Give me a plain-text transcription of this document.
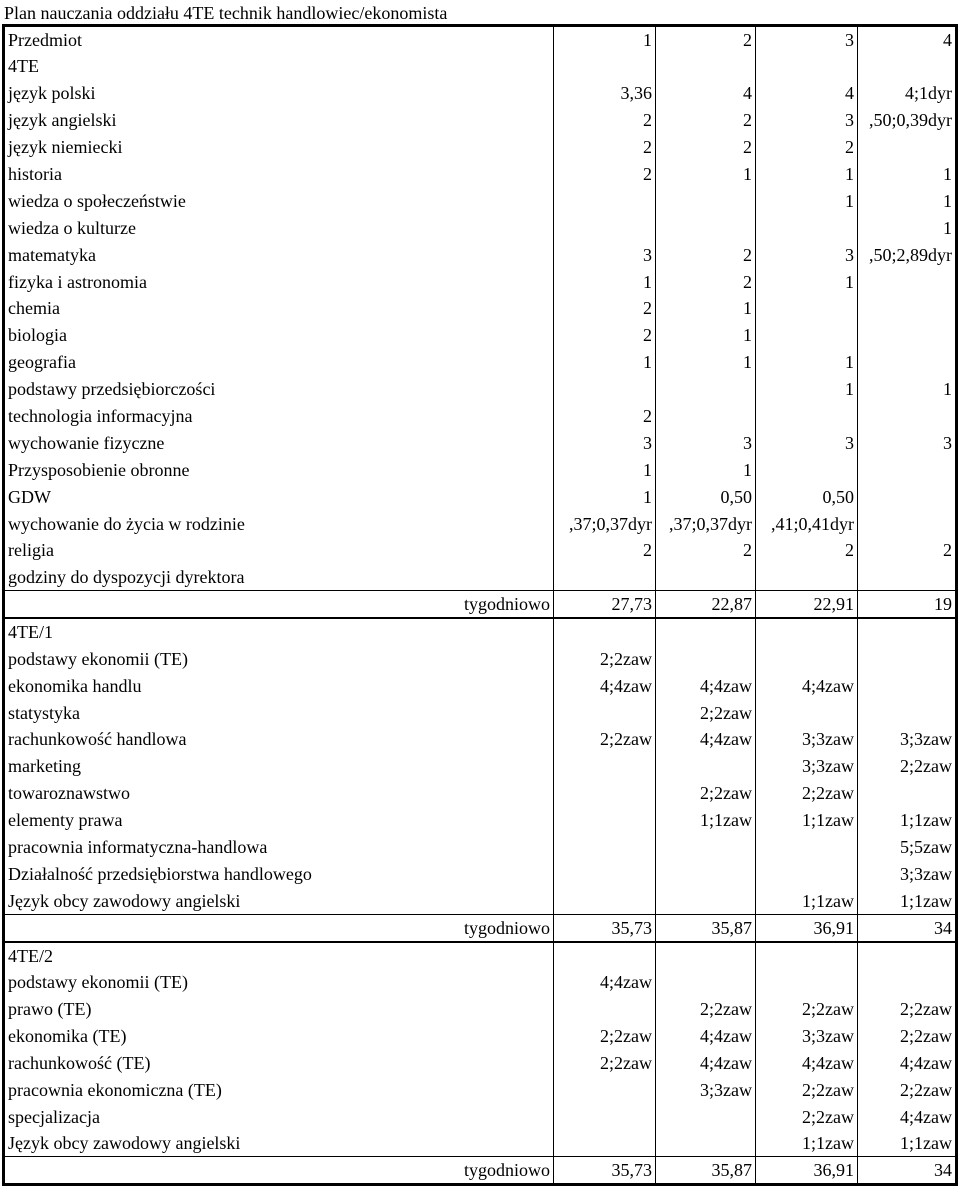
Plan nauczania oddziału 4TE technik handlowiec/ekonomista
Przedmiot	1	2	3	4
4TE				
język polski	3,36	4	4	4;1dyr
język angielski	2	2	3	,50;0,39dyr
język niemiecki	2	2	2	
historia	2	1	1	1
wiedza o społeczeństwie			1	1
wiedza o kulturze				1
matematyka	3	2	3	,50;2,89dyr
fizyka i astronomia	1	2	1	
chemia	2	1		
biologia	2	1		
geografia	1	1	1	
podstawy przedsiębiorczości			1	1
technologia informacyjna	2			
wychowanie fizyczne	3	3	3	3
Przysposobienie obronne	1	1		
GDW	1	0,50	0,50	
wychowanie do życia w rodzinie	,37;0,37dyr	,37;0,37dyr	,41;0,41dyr	
religia	2	2	2	2
godziny do dyspozycji dyrektora				
tygodniowo	27,73	22,87	22,91	19
4TE/1				
podstawy ekonomii (TE)	2;2zaw			
ekonomika handlu	4;4zaw	4;4zaw	4;4zaw	
statystyka		2;2zaw		
rachunkowość handlowa	2;2zaw	4;4zaw	3;3zaw	3;3zaw
marketing			3;3zaw	2;2zaw
towaroznawstwo		2;2zaw	2;2zaw	
elementy prawa		1;1zaw	1;1zaw	1;1zaw
pracownia informatyczna-handlowa				5;5zaw
Działalność przedsiębiorstwa handlowego				3;3zaw
Język obcy zawodowy angielski			1;1zaw	1;1zaw
tygodniowo	35,73	35,87	36,91	34
4TE/2				
podstawy ekonomii (TE)	4;4zaw			
prawo (TE)		2;2zaw	2;2zaw	2;2zaw
ekonomika (TE)	2;2zaw	4;4zaw	3;3zaw	2;2zaw
rachunkowość (TE)	2;2zaw	4;4zaw	4;4zaw	4;4zaw
pracownia ekonomiczna (TE)		3;3zaw	2;2zaw	2;2zaw
specjalizacja			2;2zaw	4;4zaw
Język obcy zawodowy angielski			1;1zaw	1;1zaw
tygodniowo	35,73	35,87	36,91	34
